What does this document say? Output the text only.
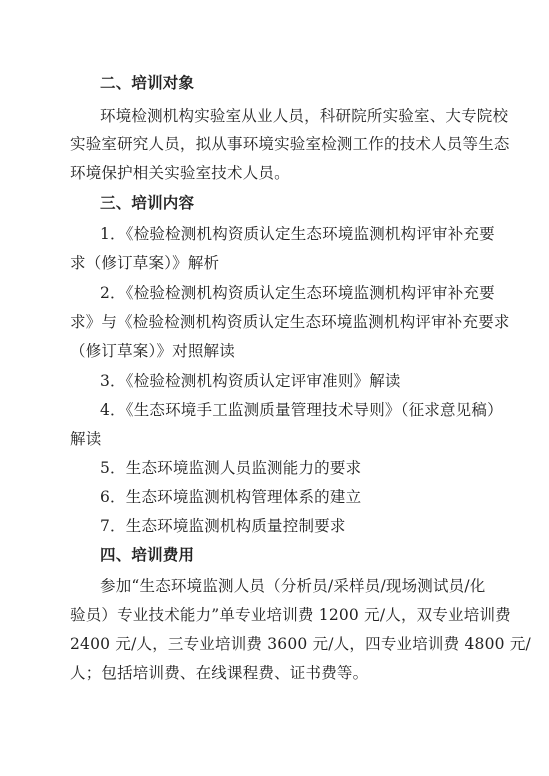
二、培训对象
环境检测机构实验室从业人员，科研院所实验室、大专院校
实验室研究人员，拟从事环境实验室检测工作的技术人员等生态
环境保护相关实验室技术人员。
三、培训内容
1．《检验检测机构资质认定生态环境监测机构评审补充要
求（修订草案）》解析
2．《检验检测机构资质认定生态环境监测机构评审补充要
求》与《检验检测机构资质认定生态环境监测机构评审补充要求
（修订草案）》对照解读
3．《检验检测机构资质认定评审准则》解读
4．《生态环境手工监测质量管理技术导则》（征求意见稿）
解读
5．生态环境监测人员监测能力的要求
6．生态环境监测机构管理体系的建立
7．生态环境监测机构质量控制要求
四、培训费用
参加“生态环境监测人员（分析员/采样员/现场测试员/化
验员）专业技术能力”单专业培训费 1200 元/人，双专业培训费
2400 元/人，三专业培训费 3600 元/人，四专业培训费 4800 元/
人；包括培训费、在线课程费、证书费等。
